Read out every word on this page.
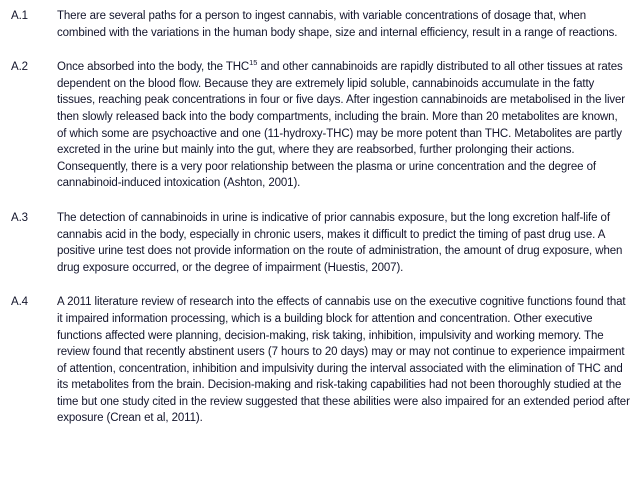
A.1	There are several paths for a person to ingest cannabis, with variable concentrations of dosage that, when combined with the variations in the human body shape, size and internal efficiency, result in a range of reactions.
A.2	Once absorbed into the body, the THC$^{15}$ and other cannabinoids are rapidly distributed to all other tissues at rates dependent on the blood flow. Because they are extremely lipid soluble, cannabinoids accumulate in the fatty tissues, reaching peak concentrations in four or five days. After ingestion cannabinoids are metabolised in the liver then slowly released back into the body compartments, including the brain. More than 20 metabolites are known, of which some are psychoactive and one (11-hydroxy-THC) may be more potent than THC. Metabolites are partly excreted in the urine but mainly into the gut, where they are reabsorbed, further prolonging their actions. Consequently, there is a very poor relationship between the plasma or urine concentration and the degree of cannabinoid-induced intoxication (Ashton, 2001).
A.3	The detection of cannabinoids in urine is indicative of prior cannabis exposure, but the long excretion half-life of cannabis acid in the body, especially in chronic users, makes it difficult to predict the timing of past drug use. A positive urine test does not provide information on the route of administration, the amount of drug exposure, when drug exposure occurred, or the degree of impairment (Huestis, 2007).
A.4	A 2011 literature review of research into the effects of cannabis use on the executive cognitive functions found that it impaired information processing, which is a building block for attention and concentration. Other executive functions affected were planning, decision-making, risk taking, inhibition, impulsivity and working memory. The review found that recently abstinent users (7 hours to 20 days) may or may not continue to experience impairment of attention, concentration, inhibition and impulsivity during the interval associated with the elimination of THC and its metabolites from the brain. Decision-making and risk-taking capabilities had not been thoroughly studied at the time but one study cited in the review suggested that these abilities were also impaired for an extended period after exposure (Crean et al, 2011).
